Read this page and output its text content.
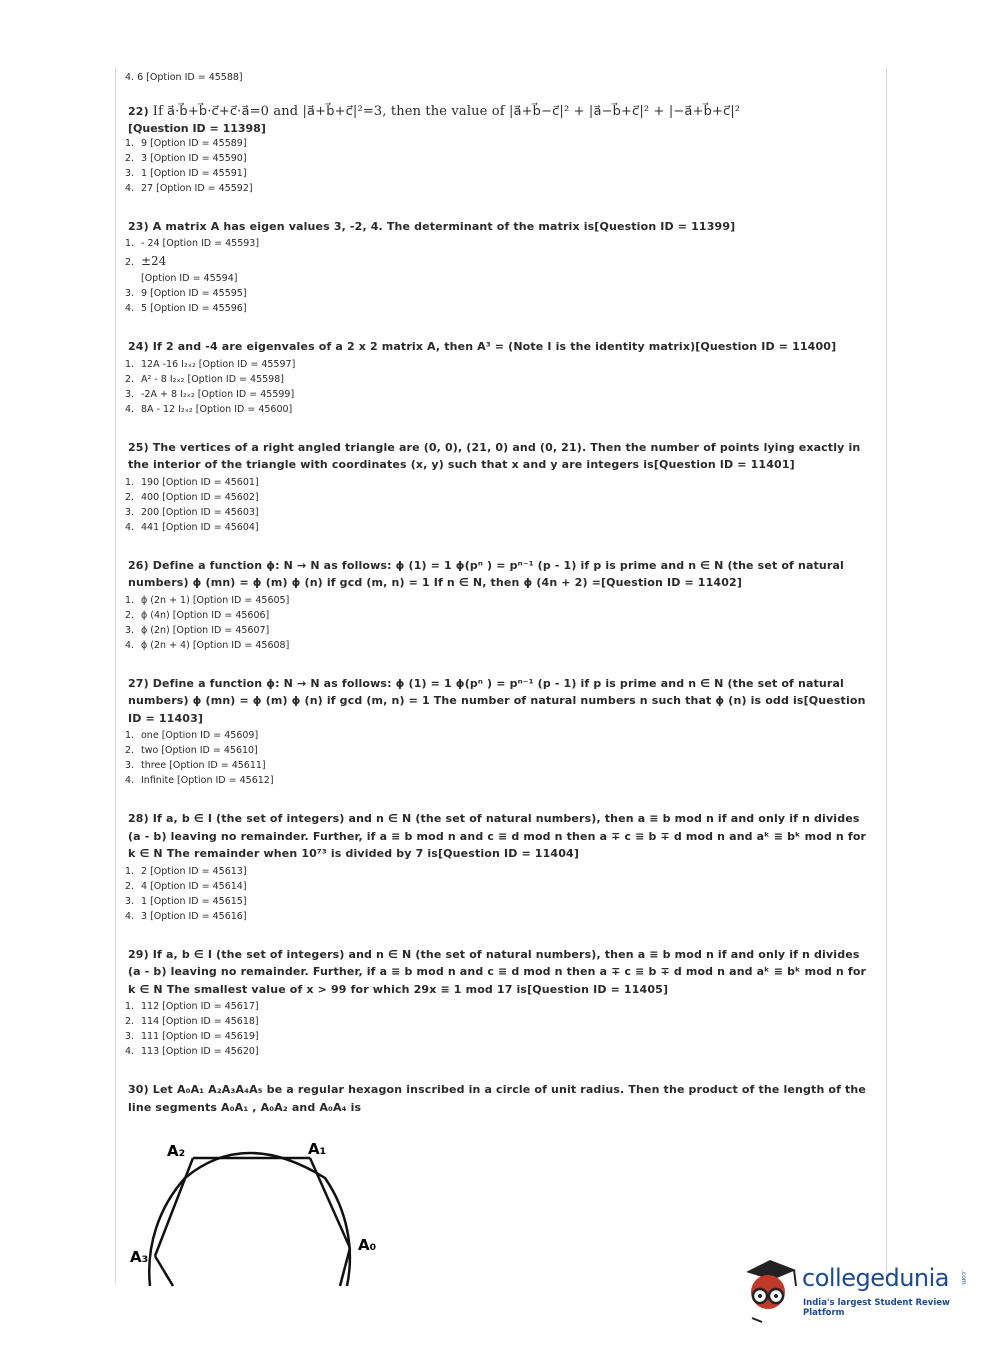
4. 6 [Option ID = 45588]
22) If a⃗·b⃗+b⃗·c⃗+c⃗·a⃗=0 and |a⃗+b⃗+c⃗|²=3, then the value of |a⃗+b⃗−c⃗|² + |a⃗−b⃗+c⃗|² + |−a⃗+b⃗+c⃗|²
[Question ID = 11398]
1. 9 [Option ID = 45589]
2. 3 [Option ID = 45590]
3. 1 [Option ID = 45591]
4. 27 [Option ID = 45592]
23) A matrix A has eigen values 3, -2, 4. The determinant of the matrix is[Question ID = 11399]
1. - 24 [Option ID = 45593]
2. ±24
[Option ID = 45594]
3. 9 [Option ID = 45595]
4. 5 [Option ID = 45596]
24) If 2 and -4 are eigenvales of a 2 x 2 matrix A, then A³ = (Note I is the identity matrix)[Question ID = 11400]
1. 12A -16 I₂ₓ₂ [Option ID = 45597]
2. A² - 8 I₂ₓ₂ [Option ID = 45598]
3. -2A + 8 I₂ₓ₂ [Option ID = 45599]
4. 8A - 12 I₂ₓ₂ [Option ID = 45600]
25) The vertices of a right angled triangle are (0, 0), (21, 0) and (0, 21). Then the number of points lying exactly in the interior of the triangle with coordinates (x, y) such that x and y are integers is[Question ID = 11401]
1. 190 [Option ID = 45601]
2. 400 [Option ID = 45602]
3. 200 [Option ID = 45603]
4. 441 [Option ID = 45604]
26) Define a function ϕ: N → N as follows: ϕ (1) = 1 ϕ(pⁿ ) = pⁿ⁻¹ (p - 1) if p is prime and n ∈ N (the set of natural numbers) ϕ (mn) = ϕ (m) ϕ (n) if gcd (m, n) = 1 If n ∈ N, then ϕ (4n + 2) =[Question ID = 11402]
1. ϕ (2n + 1) [Option ID = 45605]
2. ϕ (4n) [Option ID = 45606]
3. ϕ (2n) [Option ID = 45607]
4. ϕ (2n + 4) [Option ID = 45608]
27) Define a function ϕ: N → N as follows: ϕ (1) = 1 ϕ(pⁿ ) = pⁿ⁻¹ (p - 1) if p is prime and n ∈ N (the set of natural numbers) ϕ (mn) = ϕ (m) ϕ (n) if gcd (m, n) = 1 The number of natural numbers n such that ϕ (n) is odd is[Question ID = 11403]
1. one [Option ID = 45609]
2. two [Option ID = 45610]
3. three [Option ID = 45611]
4. Infinite [Option ID = 45612]
28) If a, b ∈ I (the set of integers) and n ∈ N (the set of natural numbers), then a ≡ b mod n if and only if n divides (a - b) leaving no remainder. Further, if a ≡ b mod n and c ≡ d mod n then a ∓ c ≡ b ∓ d mod n and aᵏ ≡ bᵏ mod n for k ∈ N The remainder when 10⁷³ is divided by 7 is[Question ID = 11404]
1. 2 [Option ID = 45613]
2. 4 [Option ID = 45614]
3. 1 [Option ID = 45615]
4. 3 [Option ID = 45616]
29) If a, b ∈ I (the set of integers) and n ∈ N (the set of natural numbers), then a ≡ b mod n if and only if n divides (a - b) leaving no remainder. Further, if a ≡ b mod n and c ≡ d mod n then a ∓ c ≡ b ∓ d mod n and aᵏ ≡ bᵏ mod n for k ∈ N The smallest value of x > 99 for which 29x ≡ 1 mod 17 is[Question ID = 11405]
1. 112 [Option ID = 45617]
2. 114 [Option ID = 45618]
3. 111 [Option ID = 45619]
4. 113 [Option ID = 45620]
30) Let A₀A₁ A₂A₃A₄A₅ be a regular hexagon inscribed in a circle of unit radius. Then the product of the length of the line segments A₀A₁ , A₀A₂ and A₀A₄ is
A₂	A₁
A₀
A₃
collegedunia .com
India's largest Student Review Platform
